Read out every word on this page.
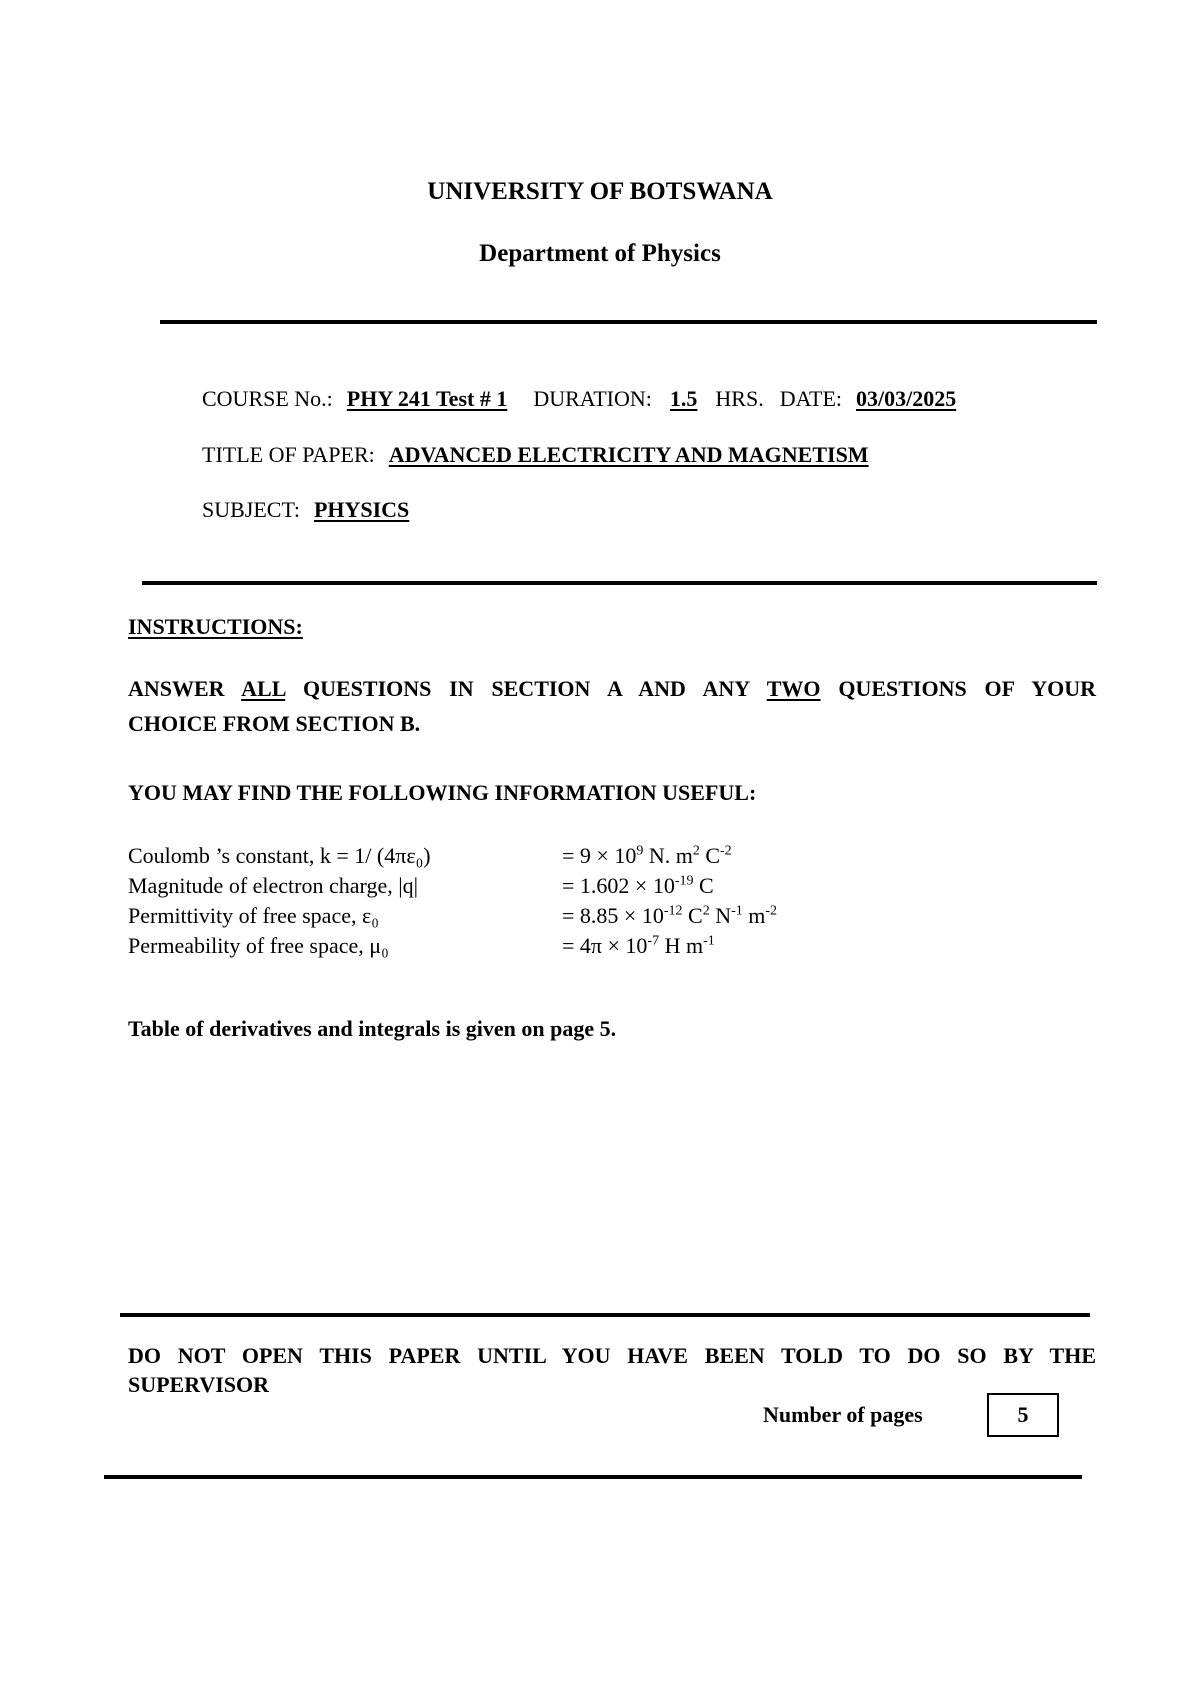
UNIVERSITY OF BOTSWANA
Department of Physics
COURSE No.: PHY 241 Test # 1 DURATION: 1.5 HRS. DATE: 03/03/2025
TITLE OF PAPER: ADVANCED ELECTRICITY AND MAGNETISM
SUBJECT: PHYSICS
INSTRUCTIONS:
ANSWER ALL QUESTIONS IN SECTION A AND ANY TWO QUESTIONS OF YOUR
CHOICE FROM SECTION B.
YOU MAY FIND THE FOLLOWING INFORMATION USEFUL:
Coulomb ’s constant, k = 1/ (4πε₀)	= $9 \times 10^9$ N. $m^2$ $C^{-2}$
Magnitude of electron charge, |q|	= $1.602 \times 10^{-19}$ C
Permittivity of free space, ε₀	= $8.85 \times 10^{-12}$ $C^2$ $N^{-1}$ $m^{-2}$
Permeability of free space, μ₀	= $4\pi \times 10^{-7}$ H $m^{-1}$
Table of derivatives and integrals is given on page 5.
DO NOT OPEN THIS PAPER UNTIL YOU HAVE BEEN TOLD TO DO SO BY THE
SUPERVISOR
Number of pages	5
